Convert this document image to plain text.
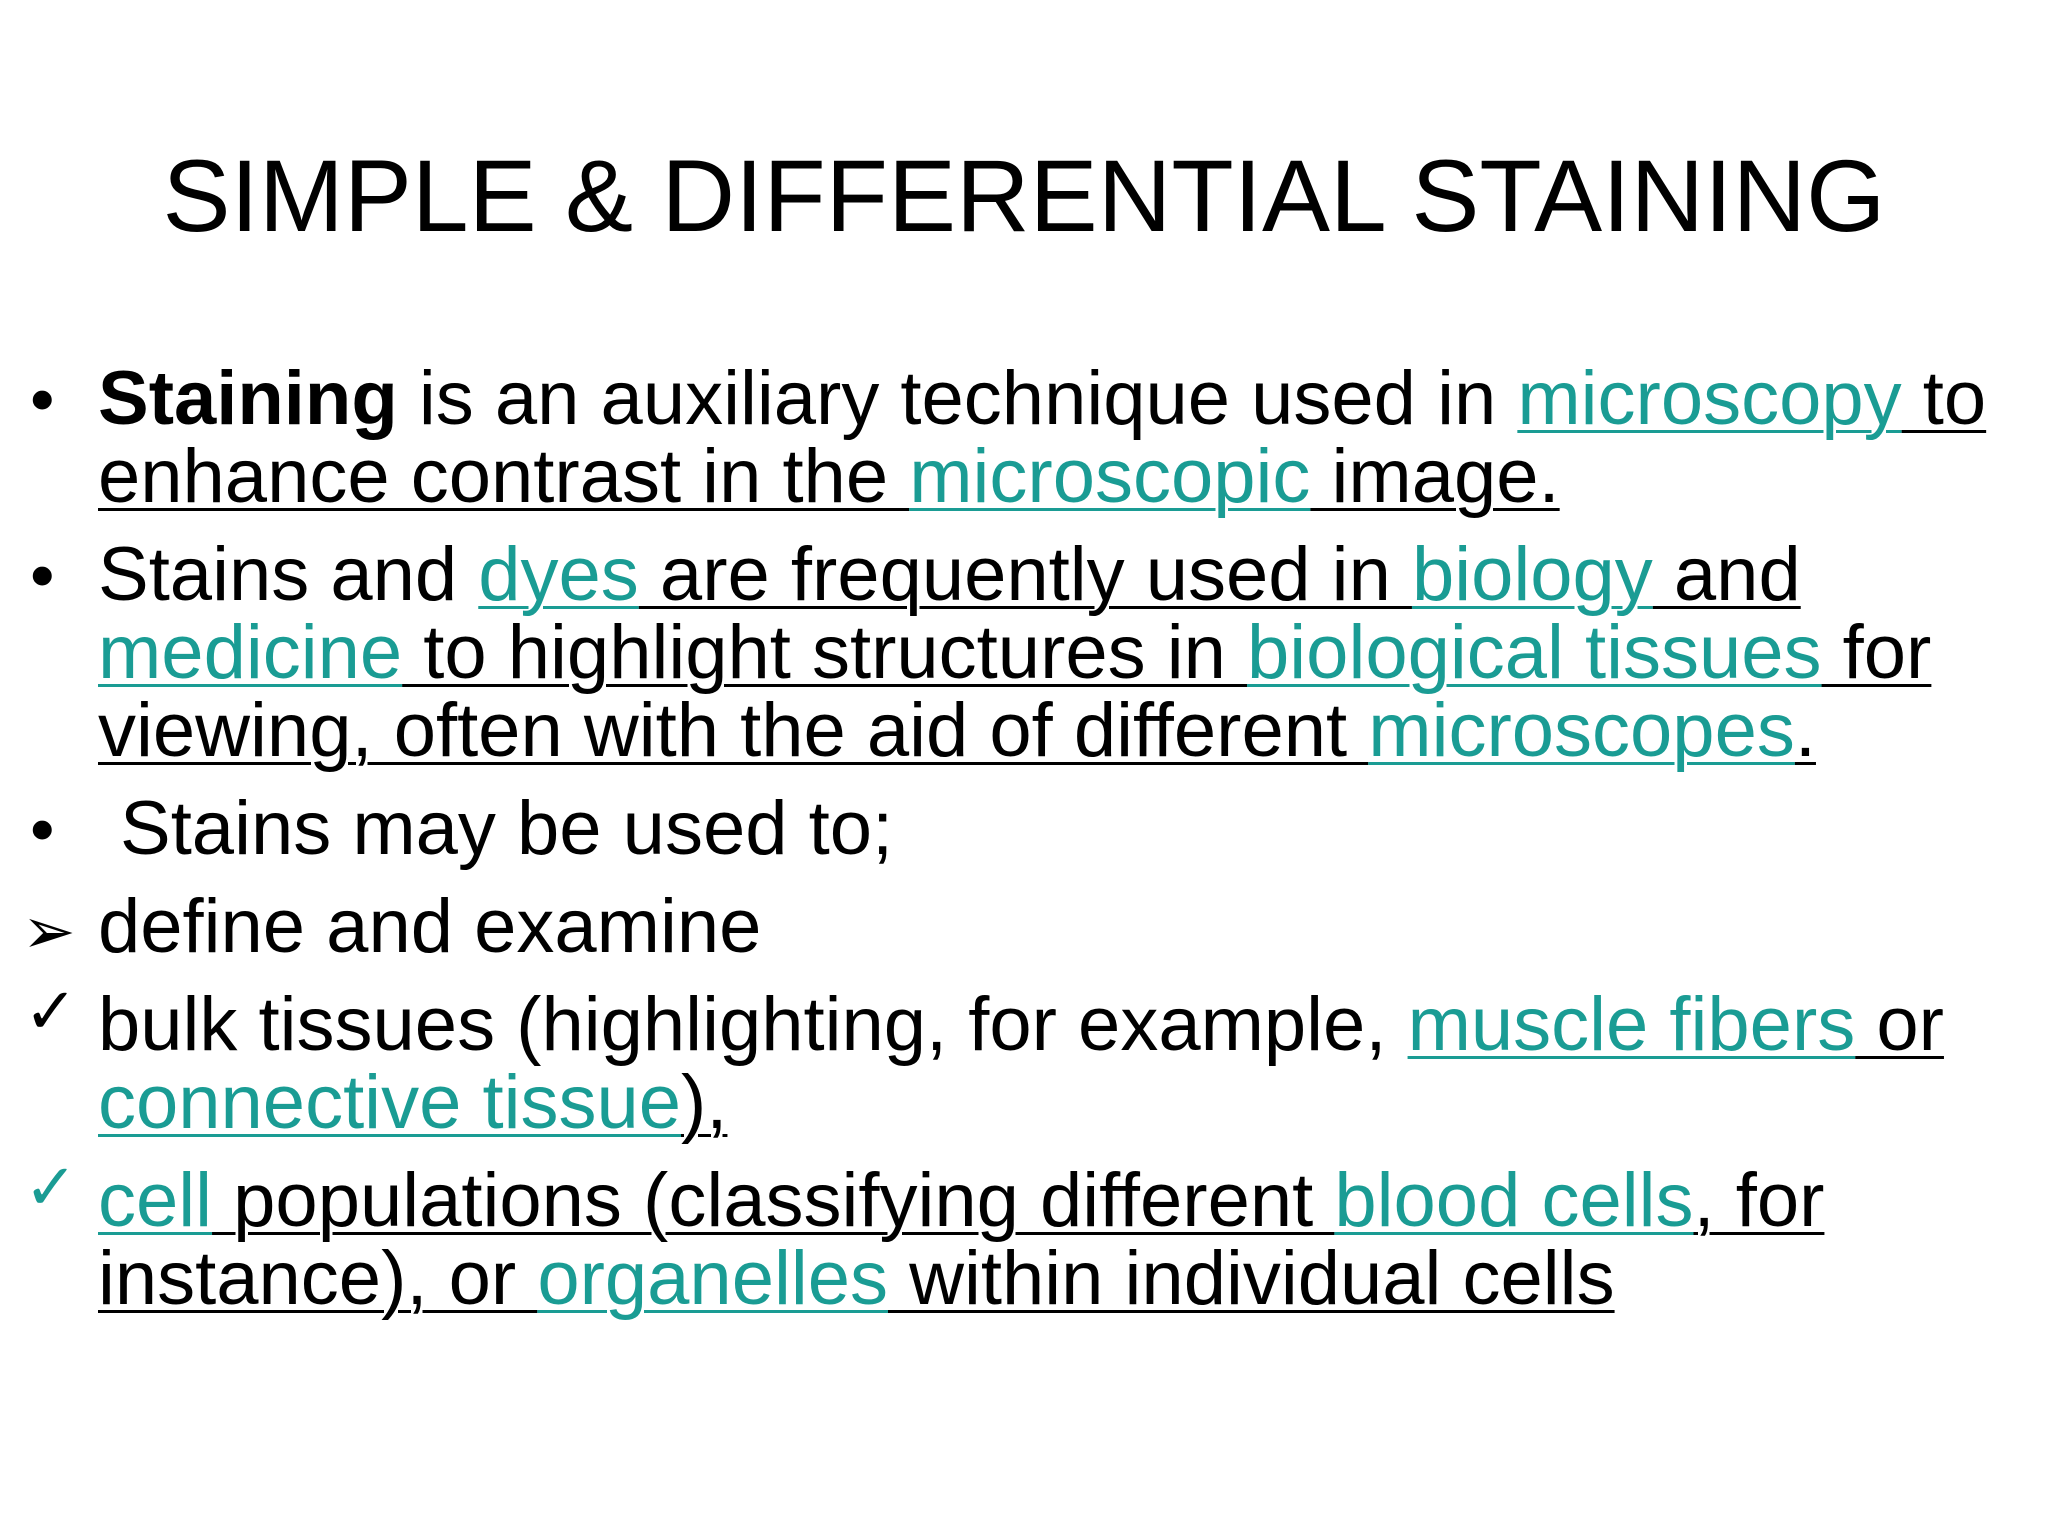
SIMPLE & DIFFERENTIAL STAINING
• Staining is an auxiliary technique used in microscopy to enhance contrast in the microscopic image.
• Stains and dyes are frequently used in biology and medicine to highlight structures in biological tissues for viewing, often with the aid of different microscopes.
• Stains may be used to;
➢ define and examine
✓ bulk tissues (highlighting, for example, muscle fibers or connective tissue),
✓ cell populations (classifying different blood cells, for instance), or organelles within individual cells
